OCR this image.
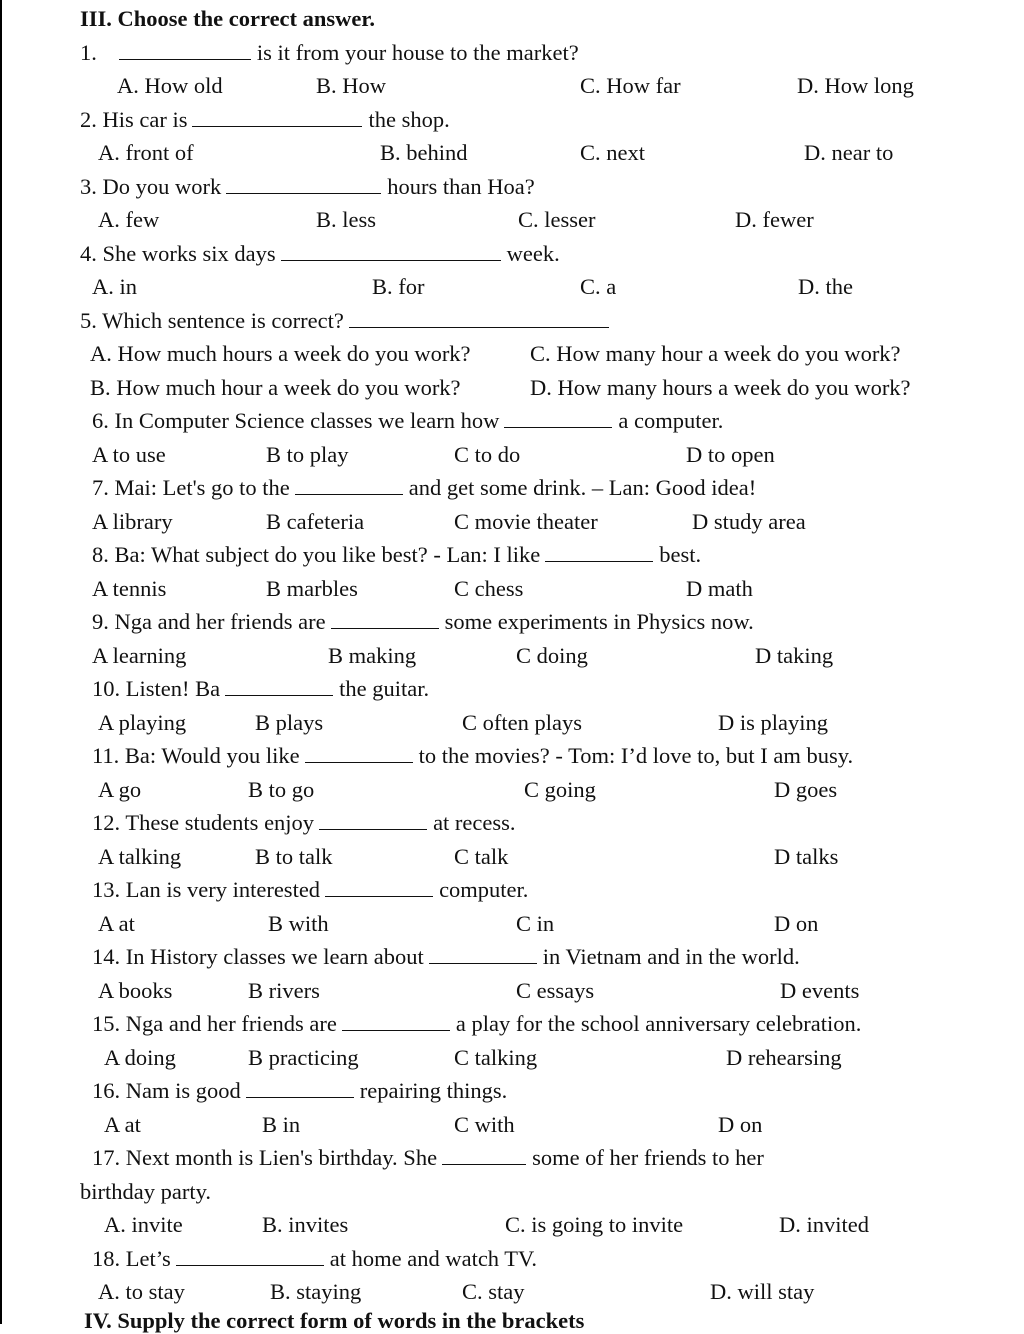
III. Choose the correct answer.
1.	is it from your house to the market?
A. How old	B. How	C. How far	D. How long
2. His car is	the shop.
A. front of	B. behind	C. next	D. near to
3. Do you work	hours than Hoa?
A. few	B. less	C. lesser	D. fewer
4. She works six days	week.
A. in	B. for	C. a	D. the
5. Which sentence is correct?
A. How much hours a week do you work?	C. How many hour a week do you work?
B. How much hour a week do you work?	D. How many hours a week do you work?
6. In Computer Science classes we learn how	a computer.
A to use	B to play	C to do	D to open
7. Mai: Let's go to the	and get some drink. – Lan: Good idea!
A library	B cafeteria	C movie theater	D study area
8. Ba: What subject do you like best? - Lan: I like	best.
A tennis	B marbles	C chess	D math
9. Nga and her friends are	some experiments in Physics now.
A learning	B making	C doing	D taking
10. Listen! Ba	the guitar.
A playing	B plays	C often plays	D is playing
11. Ba: Would you like	to the movies? - Tom: I’d love to, but I am busy.
A go	B to go	C going	D goes
12. These students enjoy	at recess.
A talking	B to talk	C talk	D talks
13. Lan is very interested	computer.
A at	B with	C in	D on
14. In History classes we learn about	in Vietnam and in the world.
A books	B rivers	C essays	D events
15. Nga and her friends are	a play for the school anniversary celebration.
A doing	B practicing	C talking	D rehearsing
16. Nam is good	repairing things.
A at	B in	C with	D on
17. Next month is Lien's birthday. She	some of her friends to her
birthday party.
A. invite	B. invites	C. is going to invite	D. invited
18. Let’s	at home and watch TV.
A. to stay	B. staying	C. stay	D. will stay
IV. Supply the correct form of words in the brackets
